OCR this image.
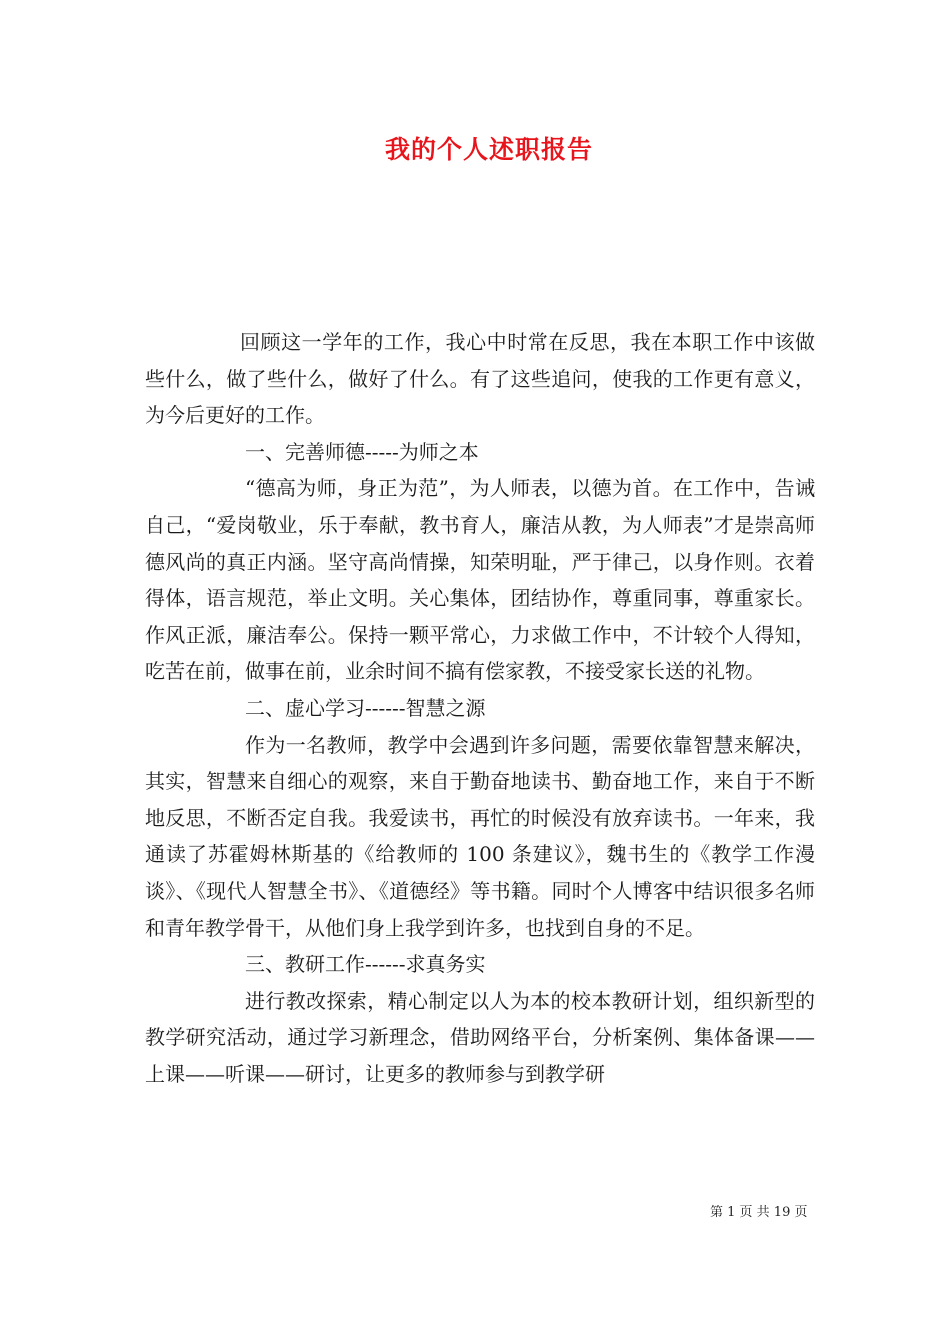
我的个人述职报告

回顾这一学年的工作，我心中时常在反思，我在本职工作中该做些什么，做了些什么，做好了什么。有了这些追问，使我的工作更有意义，为今后更好的工作。

一、完善师德-----为师之本

“德高为师，身正为范”，为人师表，以德为首。在工作中，告诫自己，“爱岗敬业，乐于奉献，教书育人，廉洁从教，为人师表”才是崇高师德风尚的真正内涵。坚守高尚情操，知荣明耻，严于律己，以身作则。衣着得体，语言规范，举止文明。关心集体，团结协作，尊重同事，尊重家长。作风正派，廉洁奉公。保持一颗平常心，力求做工作中，不计较个人得知，吃苦在前，做事在前，业余时间不搞有偿家教，不接受家长送的礼物。

二、虚心学习------智慧之源

作为一名教师，教学中会遇到许多问题，需要依靠智慧来解决，其实，智慧来自细心的观察，来自于勤奋地读书、勤奋地工作，来自于不断地反思，不断否定自我。我爱读书，再忙的时候没有放弃读书。一年来，我通读了苏霍姆林斯基的《给教师的 100 条建议》，魏书生的《教学工作漫谈》、《现代人智慧全书》、《道德经》等书籍。同时个人博客中结识很多名师和青年教学骨干，从他们身上我学到许多，也找到自身的不足。

三、教研工作------求真务实

进行教改探索，精心制定以人为本的校本教研计划，组织新型的教学研究活动，通过学习新理念，借助网络平台，分析案例、集体备课——上课——听课——研讨，让更多的教师参与到教学研

第 1 页 共 19 页
